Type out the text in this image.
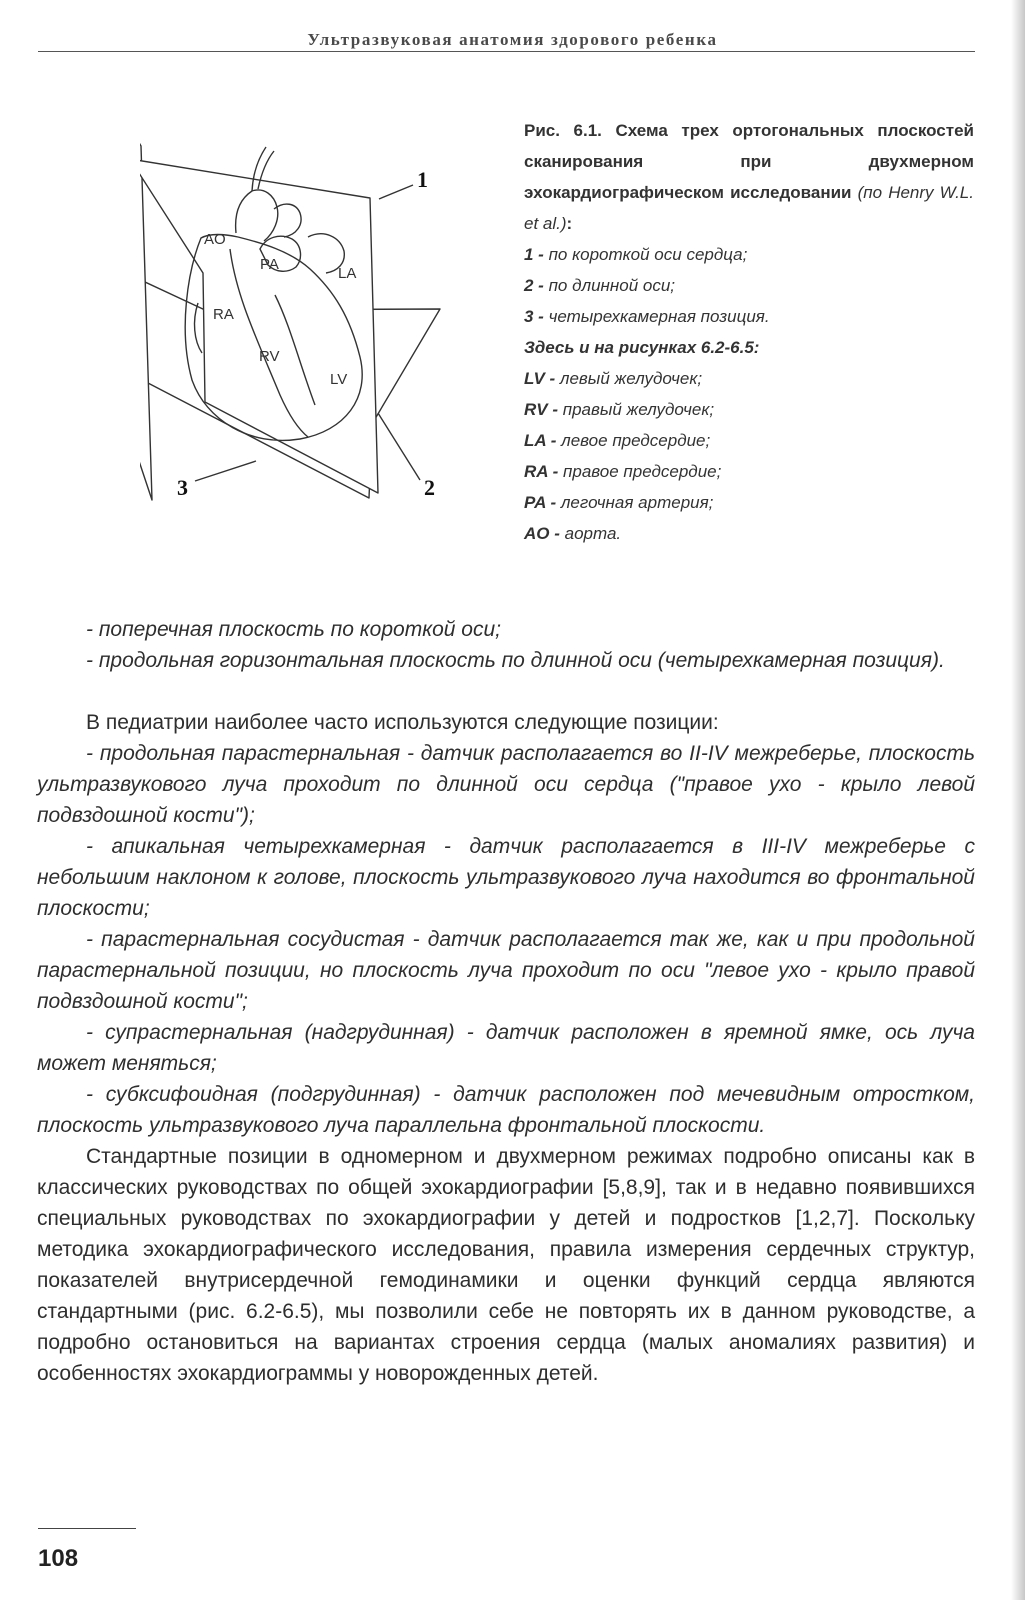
Ультразвуковая анатомия здорового ребенка
AO
PA
LA
RA
RV
LV
1
2
3
Рис. 6.1. Схема трех ортогональных плоскостей сканирования при двухмерном эхокардиографическом исследовании (по Henry W.L. et al.):

1 - по короткой оси сердца;

2 - по длинной оси;

3 - четырехкамерная позиция.

Здесь и на рисунках 6.2-6.5:

LV - левый желудочек;

RV - правый желудочек;

LA - левое предсердие;

RA - правое предсердие;

PA - легочная артерия;

AO - аорта.

- поперечная плоскость по короткой оси;

- продольная горизонтальная плоскость по длинной оси (четырехкамерная позиция).

В педиатрии наиболее часто используются следующие позиции:

- продольная парастернальная - датчик располагается во II-IV межреберье, плоскость ультразвукового луча проходит по длинной оси сердца ("правое ухо - крыло левой подвздошной кости");

- апикальная четырехкамерная - датчик располагается в III-IV межреберье с небольшим наклоном к голове, плоскость ультразвукового луча находится во фронтальной плоскости;

- парастернальная сосудистая - датчик располагается так же, как и при продольной парастернальной позиции, но плоскость луча проходит по оси "левое ухо - крыло правой подвздошной кости";

- супрастернальная (надгрудинная) - датчик расположен в яремной ямке, ось луча может меняться;

- субксифоидная (подгрудинная) - датчик расположен под мечевидным отростком, плоскость ультразвукового луча параллельна фронтальной плоскости.

Стандартные позиции в одномерном и двухмерном режимах подробно описаны как в классических руководствах по общей эхокардиографии [5,8,9], так и в недавно появившихся специальных руководствах по эхокардиографии у детей и подростков [1,2,7]. Поскольку методика эхокардиографического исследования, правила измерения сердечных структур, показателей внутрисердечной гемодинамики и оценки функций сердца являются стандартными (рис. 6.2-6.5), мы позволили себе не повторять их в данном руководстве, а подробно остановиться на вариантах строения сердца (малых аномалиях развития) и особенностях эхокардиограммы у новорожденных детей.

108
